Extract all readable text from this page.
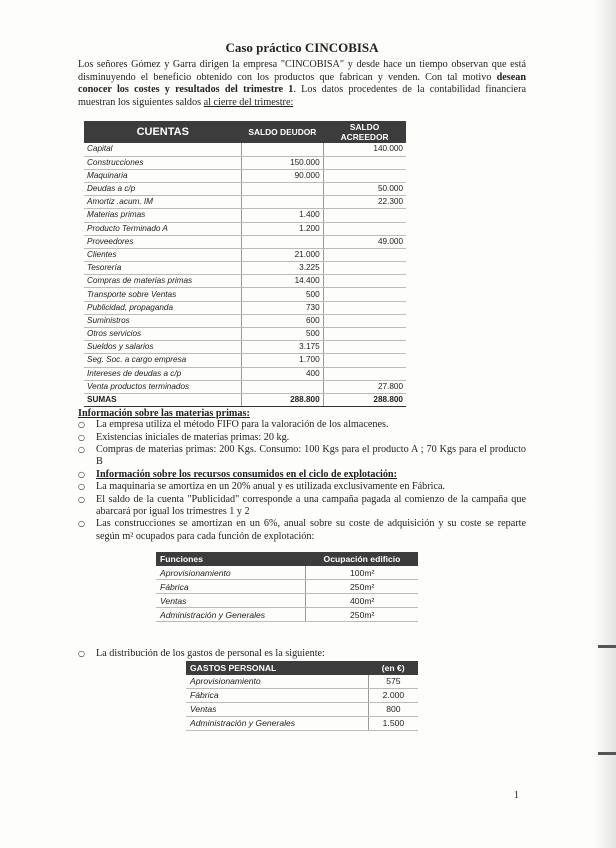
Caso práctico CINCOBISA

Los señores Gómez y Garra dirigen la empresa "CINCOBISA" y desde hace un tiempo observan que está disminuyendo el beneficio obtenido con los productos que fabrican y venden. Con tal motivo desean conocer los costes y resultados del trimestre 1. Los datos procedentes de la contabilidad financiera muestran los siguientes saldos al cierre del trimestre:

CUENTAS	SALDO DEUDOR	SALDO ACREEDOR
Capital		140.000
Construcciones	150.000	
Maquinaria	90.000	
Deudas a c/p		50.000
Amortiz .acum. IM		22.300
Materias primas	1.400	
Producto Terminado A	1.200	
Proveedores		49.000
Clientes	21.000	
Tesorería	3.225	
Compras de materias primas	14.400	
Transporte sobre Ventas	500	
Publicidad, propaganda	730	
Suministros	600	
Otros servicios	500	
Sueldos y salarios	3.175	
Seg. Soc. a cargo empresa	1.700	
Intereses de deudas a c/p	400	
Venta productos terminados		27.800
SUMAS	288.800	288.800
Información sobre las materias primas:
○ La empresa utiliza el método FIFO para la valoración de los almacenes.
○ Existencias iniciales de materias primas: 20 kg.
○ Compras de materias primas: 200 Kgs. Consumo: 100 Kgs para el producto A ; 70 Kgs para el producto B
○ Información sobre los recursos consumidos en el ciclo de explotación:
○ La maquinaria se amortiza en un 20% anual y es utilizada exclusivamente en Fábrica.
○ El saldo de la cuenta "Publicidad" corresponde a una campaña pagada al comienzo de la campaña que abarcará por igual los trimestres 1 y 2
○ Las construcciones se amortizan en un 6%, anual sobre su coste de adquisición y su coste se reparte según m² ocupados para cada función de explotación:
Funciones	Ocupación edificio
Aprovisionamiento	100m²
Fábrica	250m²
Ventas	400m²
Administración y Generales	250m²
○ La distribución de los gastos de personal es la siguiente:
GASTOS PERSONAL	(en €)
Aprovisionamiento	575
Fábrica	2.000
Ventas	800
Administración y Generales	1.500
1
